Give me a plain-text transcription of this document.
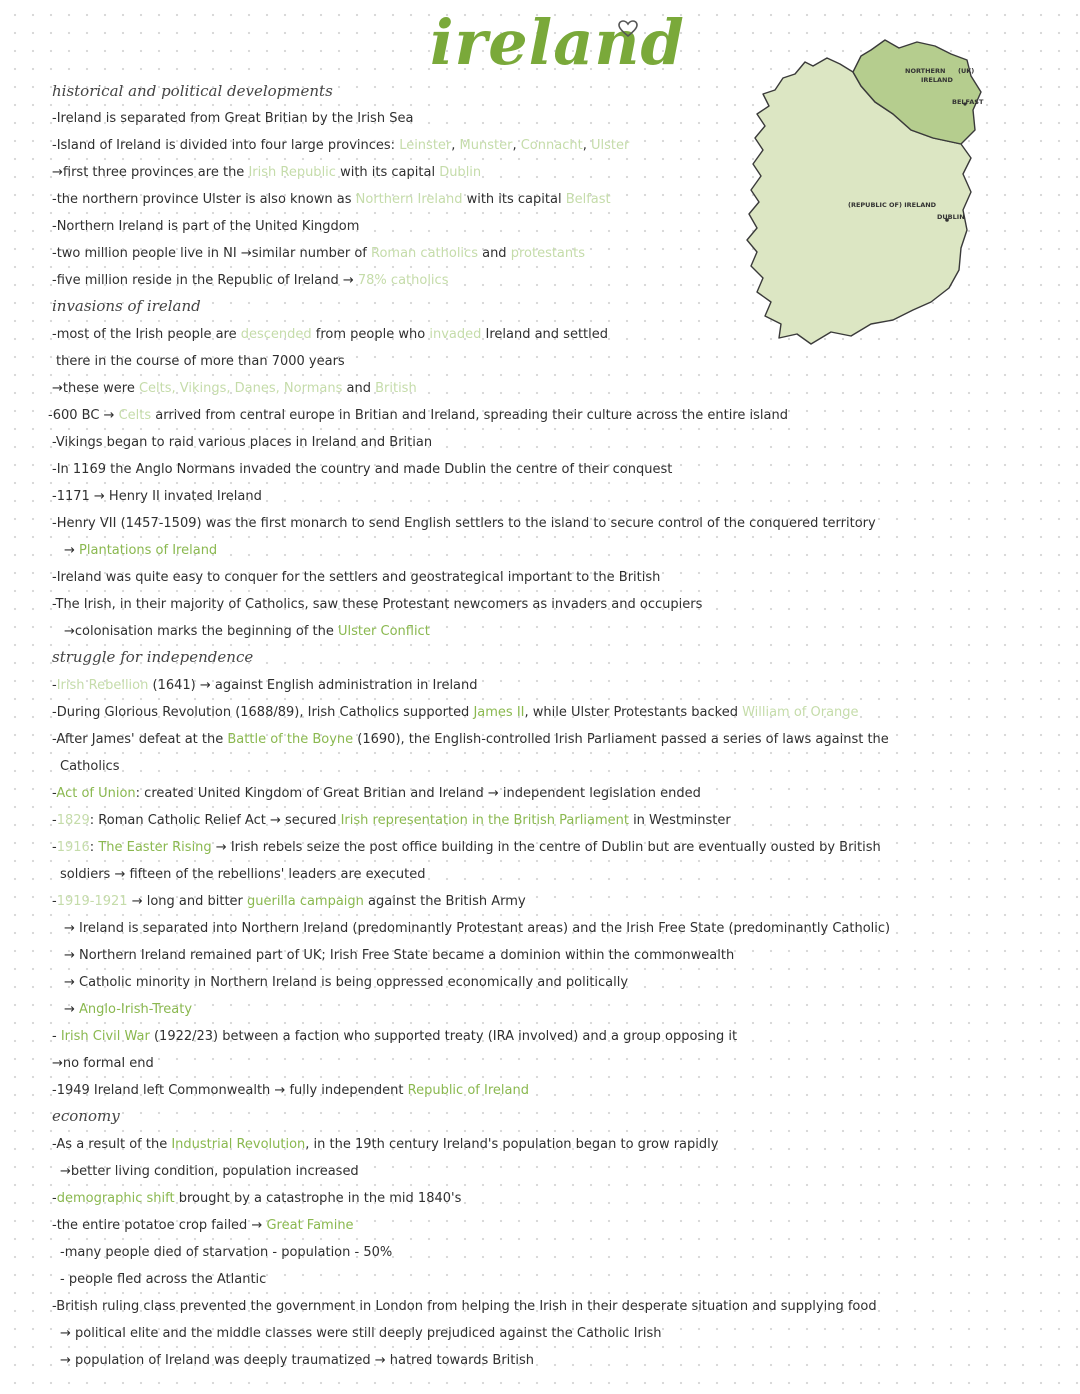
ireland	NORTHERN (UK)
IRELAND
BELFAST
(REPUBLIC OF) IRELAND
DUBLIN
historical and political developments
-Ireland is separated from Great Britian by the Irish Sea
-Island of Ireland is divided into four large provinces: Leinster, Munster, Connacht, Ulster
→first three provinces are the Irish Republic with its capital Dublin
-the northern province Ulster is also known as Northern Ireland with its capital Belfast
-Northern Ireland is part of the United Kingdom
-two million people live in NI →similar number of Roman catholics and protestants
-five million reside in the Republic of Ireland → 78% catholics
invasions of ireland
-most of the Irish people are descended from people who invaded Ireland and settled
there in the course of more than 7000 years
→these were Celts, Vikings, Danes, Normans and British
-600 BC → Celts arrived from central europe in Britian and Ireland, spreading their culture across the entire island
-Vikings began to raid various places in Ireland and Britian
-In 1169 the Anglo Normans invaded the country and made Dublin the centre of their conquest
-1171 → Henry II invated Ireland
-Henry VII (1457-1509) was the first monarch to send English settlers to the island to secure control of the conquered territory
→ Plantations of Ireland
-Ireland was quite easy to conquer for the settlers and geostrategical important to the British
-The Irish, in their majority of Catholics, saw these Protestant newcomers as invaders and occupiers
→colonisation marks the beginning of the Ulster Conflict
struggle for independence
-Irish Rebellion (1641) → against English administration in Ireland
-During Glorious Revolution (1688/89), Irish Catholics supported James II, while Ulster Protestants backed William of Orange
-After James' defeat at the Battle of the Boyne (1690), the English-controlled Irish Parliament passed a series of laws against the
Catholics
-Act of Union: created United Kingdom of Great Britian and Ireland → independent legislation ended
-1829: Roman Catholic Relief Act → secured Irish representation in the British Parliament in Westminster
-1916: The Easter Rising → Irish rebels seize the post office building in the centre of Dublin but are eventually ousted by British
soldiers → fifteen of the rebellions' leaders are executed
-1919-1921 → long and bitter guerilla campaign against the British Army
→ Ireland is separated into Northern Ireland (predominantly Protestant areas) and the Irish Free State (predominantly Catholic)
→ Northern Ireland remained part of UK; Irish Free State became a dominion within the commonwealth
→ Catholic minority in Northern Ireland is being oppressed economically and politically
→ Anglo-Irish-Treaty
- Irish Civil War (1922/23) between a faction who supported treaty (IRA involved) and a group opposing it
→no formal end
-1949 Ireland left Commonwealth → fully independent Republic of Ireland
economy
-As a result of the Industrial Revolution, in the 19th century Ireland's population began to grow rapidly
→better living condition, population increased
-demographic shift brought by a catastrophe in the mid 1840's
-the entire potatoe crop failed → Great Famine
-many people died of starvation - population - 50%
- people fled across the Atlantic
-British ruling class prevented the government in London from helping the Irish in their desperate situation and supplying food
→ political elite and the middle classes were still deeply prejudiced against the Catholic Irish
→ population of Ireland was deeply traumatized → hatred towards British
